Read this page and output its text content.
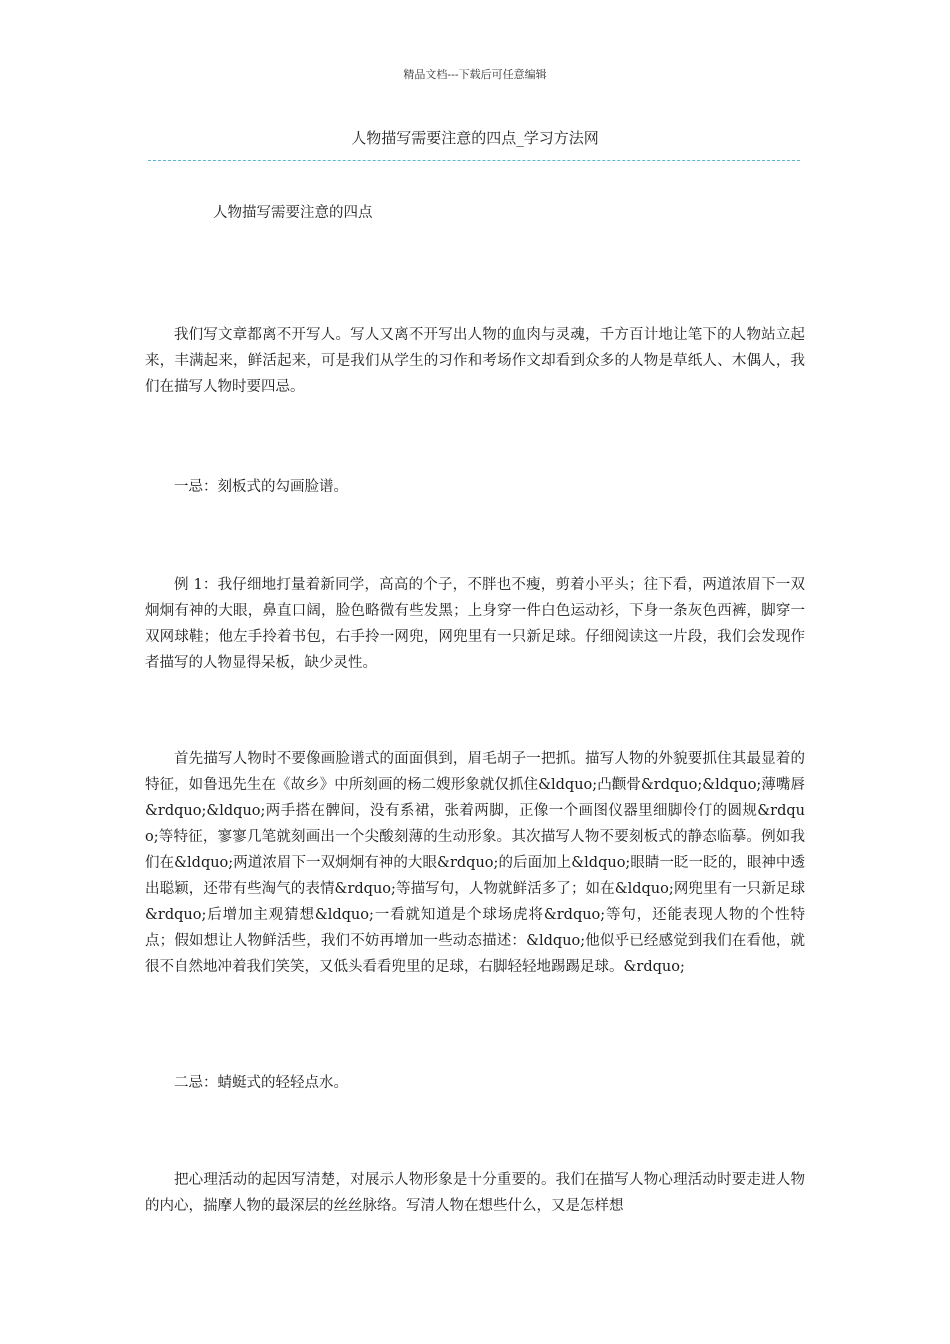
精品文档---下载后可任意编辑
人物描写需要注意的四点_学习方法网
人物描写需要注意的四点

我们写文章都离不开写人。写人又离不开写出人物的血肉与灵魂，千方百计地让笔下的人物站立起来，丰满起来，鲜活起来，可是我们从学生的习作和考场作文却看到众多的人物是草纸人、木偶人，我们在描写人物时要四忌。

一忌：刻板式的勾画脸谱。

例 1：我仔细地打量着新同学，高高的个子，不胖也不瘦，剪着小平头；往下看，两道浓眉下一双炯炯有神的大眼，鼻直口阔，脸色略微有些发黑；上身穿一件白色运动衫，下身一条灰色西裤，脚穿一双网球鞋；他左手拎着书包，右手拎一网兜，网兜里有一只新足球。仔细阅读这一片段，我们会发现作者描写的人物显得呆板，缺少灵性。

首先描写人物时不要像画脸谱式的面面俱到，眉毛胡子一把抓。描写人物的外貌要抓住其最显着的特征，如鲁迅先生在《故乡》中所刻画的杨二嫂形象就仅抓住&ldquo;凸颧骨&rdquo;&ldquo;薄嘴唇&rdquo;&ldquo;两手搭在髀间，没有系裙，张着两脚，正像一个画图仪器里细脚伶仃的圆规&rdquo;等特征，寥寥几笔就刻画出一个尖酸刻薄的生动形象。其次描写人物不要刻板式的静态临摹。例如我们在&ldquo;两道浓眉下一双炯炯有神的大眼&rdquo;的后面加上&ldquo;眼睛一眨一眨的，眼神中透出聪颖，还带有些淘气的表情&rdquo;等描写句，人物就鲜活多了；如在&ldquo;网兜里有一只新足球&rdquo;后增加主观猜想&ldquo;一看就知道是个球场虎将&rdquo;等句，还能表现人物的个性特点；假如想让人物鲜活些，我们不妨再增加一些动态描述：&ldquo;他似乎已经感觉到我们在看他，就很不自然地冲着我们笑笑，又低头看看兜里的足球，右脚轻轻地踢踢足球。&rdquo;

二忌：蜻蜓式的轻轻点水。

把心理活动的起因写清楚，对展示人物形象是十分重要的。我们在描写人物心理活动时要走进人物的内心，揣摩人物的最深层的丝丝脉络。写清人物在想些什么，又是怎样想
